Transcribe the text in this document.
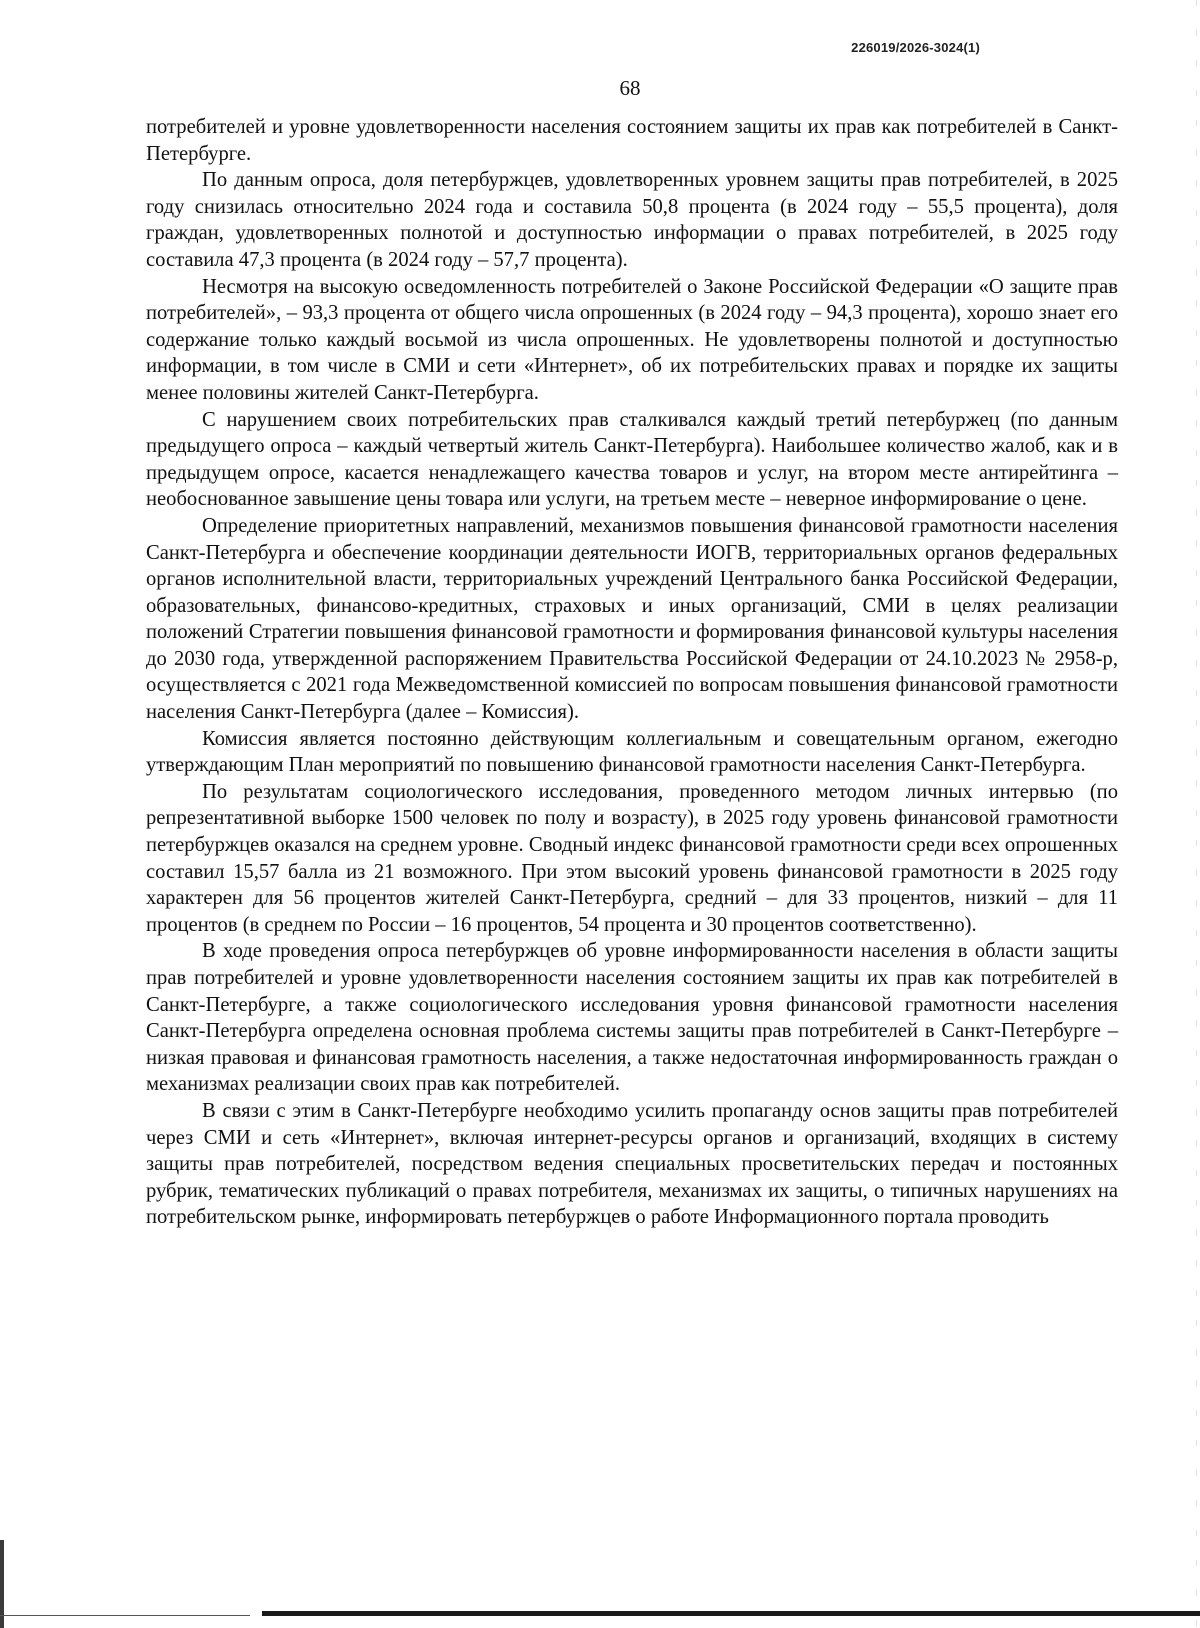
226019/2026-3024(1)
68

потребителей и уровне удовлетворенности населения состоянием защиты их прав как потребителей в Санкт-Петербурге.

По данным опроса, доля петербуржцев, удовлетворенных уровнем защиты прав потребителей, в 2025 году снизилась относительно 2024 года и составила 50,8 процента (в 2024 году – 55,5 процента), доля граждан, удовлетворенных полнотой и доступностью информации о правах потребителей, в 2025 году составила 47,3 процента (в 2024 году – 57,7 процента).

Несмотря на высокую осведомленность потребителей о Законе Российской Федерации «О защите прав потребителей», – 93,3 процента от общего числа опрошенных (в 2024 году – 94,3 процента), хорошо знает его содержание только каждый восьмой из числа опрошенных. Не удовлетворены полнотой и доступностью информации, в том числе в СМИ и сети «Интернет», об их потребительских правах и порядке их защиты менее половины жителей Санкт-Петербурга.

С нарушением своих потребительских прав сталкивался каждый третий петербуржец (по данным предыдущего опроса – каждый четвертый житель Санкт-Петербурга). Наибольшее количество жалоб, как и в предыдущем опросе, касается ненадлежащего качества товаров и услуг, на втором месте антирейтинга – необоснованное завышение цены товара или услуги, на третьем месте – неверное информирование о цене.

Определение приоритетных направлений, механизмов повышения финансовой грамотности населения Санкт-Петербурга и обеспечение координации деятельности ИОГВ, территориальных органов федеральных органов исполнительной власти, территориальных учреждений Центрального банка Российской Федерации, образовательных, финансово-кредитных, страховых и иных организаций, СМИ в целях реализации положений Стратегии повышения финансовой грамотности и формирования финансовой культуры населения до 2030 года, утвержденной распоряжением Правительства Российской Федерации от 24.10.2023 № 2958-р, осуществляется с 2021 года Межведомственной комиссией по вопросам повышения финансовой грамотности населения Санкт-Петербурга (далее – Комиссия).

Комиссия является постоянно действующим коллегиальным и совещательным органом, ежегодно утверждающим План мероприятий по повышению финансовой грамотности населения Санкт-Петербурга.

По результатам социологического исследования, проведенного методом личных интервью (по репрезентативной выборке 1500 человек по полу и возрасту), в 2025 году уровень финансовой грамотности петербуржцев оказался на среднем уровне. Сводный индекс финансовой грамотности среди всех опрошенных составил 15,57 балла из 21 возможного. При этом высокий уровень финансовой грамотности в 2025 году характерен для 56 процентов жителей Санкт-Петербурга, средний – для 33 процентов, низкий – для 11 процентов (в среднем по России – 16 процентов, 54 процента и 30 процентов соответственно).

В ходе проведения опроса петербуржцев об уровне информированности населения в области защиты прав потребителей и уровне удовлетворенности населения состоянием защиты их прав как потребителей в Санкт-Петербурге, а также социологического исследования уровня финансовой грамотности населения Санкт-Петербурга определена основная проблема системы защиты прав потребителей в Санкт-Петербурге – низкая правовая и финансовая грамотность населения, а также недостаточная информированность граждан о механизмах реализации своих прав как потребителей.

В связи с этим в Санкт-Петербурге необходимо усилить пропаганду основ защиты прав потребителей через СМИ и сеть «Интернет», включая интернет-ресурсы органов и организаций, входящих в систему защиты прав потребителей, посредством ведения специальных просветительских передач и постоянных рубрик, тематических публикаций о правах потребителя, механизмах их защиты, о типичных нарушениях на потребительском рынке, информировать петербуржцев о работе Информационного портала проводить
